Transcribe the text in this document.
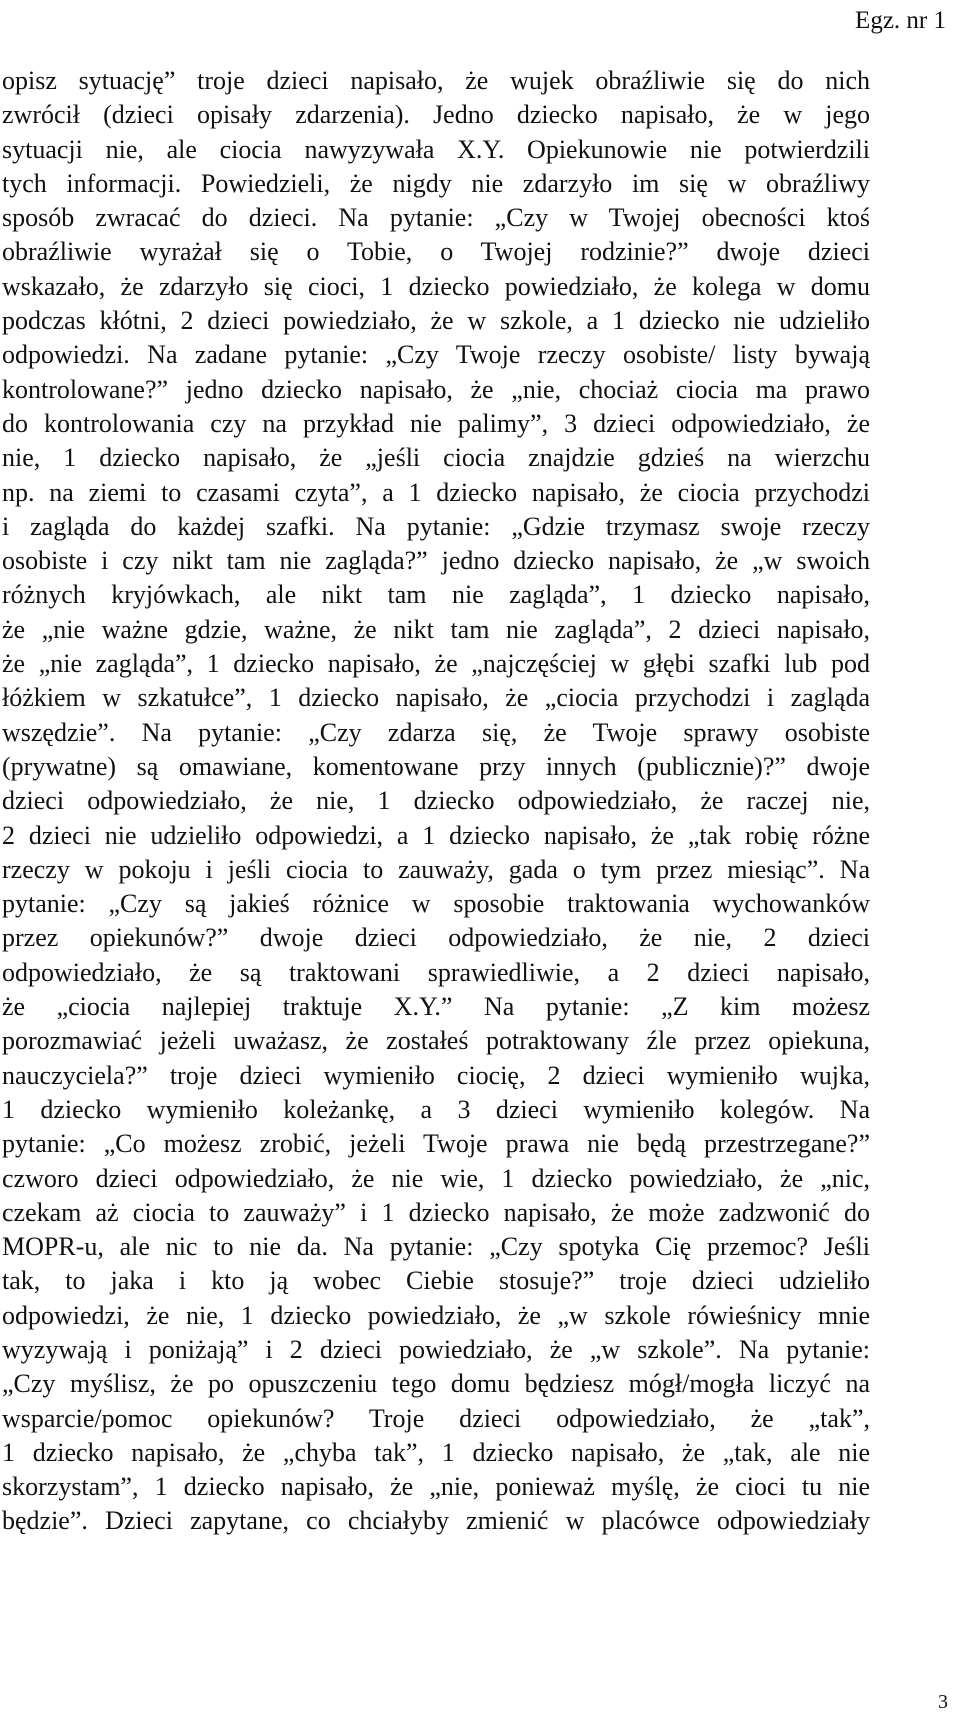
Egz. nr 1
opisz sytuację” troje dzieci napisało, że wujek obraźliwie się do nich
zwrócił (dzieci opisały zdarzenia). Jedno dziecko napisało, że w jego
sytuacji nie, ale ciocia nawyzywała X.Y. Opiekunowie nie potwierdzili
tych informacji. Powiedzieli, że nigdy nie zdarzyło im się w obraźliwy
sposób zwracać do dzieci. Na pytanie: „Czy w Twojej obecności ktoś
obraźliwie wyrażał się o Tobie, o Twojej rodzinie?” dwoje dzieci
wskazało, że zdarzyło się cioci, 1 dziecko powiedziało, że kolega w domu
podczas kłótni, 2 dzieci powiedziało, że w szkole, a 1 dziecko nie udzieliło
odpowiedzi. Na zadane pytanie: „Czy Twoje rzeczy osobiste/ listy bywają
kontrolowane?” jedno dziecko napisało, że „nie, chociaż ciocia ma prawo
do kontrolowania czy na przykład nie palimy”, 3 dzieci odpowiedziało, że
nie, 1 dziecko napisało, że „jeśli ciocia znajdzie gdzieś na wierzchu
np. na ziemi to czasami czyta”, a 1 dziecko napisało, że ciocia przychodzi
i zagląda do każdej szafki. Na pytanie: „Gdzie trzymasz swoje rzeczy
osobiste i czy nikt tam nie zagląda?” jedno dziecko napisało, że „w swoich
różnych kryjówkach, ale nikt tam nie zagląda”, 1 dziecko napisało,
że „nie ważne gdzie, ważne, że nikt tam nie zagląda”, 2 dzieci napisało,
że „nie zagląda”, 1 dziecko napisało, że „najczęściej w głębi szafki lub pod
łóżkiem w szkatułce”, 1 dziecko napisało, że „ciocia przychodzi i zagląda
wszędzie”. Na pytanie: „Czy zdarza się, że Twoje sprawy osobiste
(prywatne) są omawiane, komentowane przy innych (publicznie)?” dwoje
dzieci odpowiedziało, że nie, 1 dziecko odpowiedziało, że raczej nie,
2 dzieci nie udzieliło odpowiedzi, a 1 dziecko napisało, że „tak robię różne
rzeczy w pokoju i jeśli ciocia to zauważy, gada o tym przez miesiąc”. Na
pytanie: „Czy są jakieś różnice w sposobie traktowania wychowanków
przez opiekunów?” dwoje dzieci odpowiedziało, że nie, 2 dzieci
odpowiedziało, że są traktowani sprawiedliwie, a 2 dzieci napisało,
że „ciocia najlepiej traktuje X.Y.” Na pytanie: „Z kim możesz
porozmawiać jeżeli uważasz, że zostałeś potraktowany źle przez opiekuna,
nauczyciela?” troje dzieci wymieniło ciocię, 2 dzieci wymieniło wujka,
1 dziecko wymieniło koleżankę, a 3 dzieci wymieniło kolegów. Na
pytanie: „Co możesz zrobić, jeżeli Twoje prawa nie będą przestrzegane?”
czworo dzieci odpowiedziało, że nie wie, 1 dziecko powiedziało, że „nic,
czekam aż ciocia to zauważy” i 1 dziecko napisało, że może zadzwonić do
MOPR-u, ale nic to nie da. Na pytanie: „Czy spotyka Cię przemoc? Jeśli
tak, to jaka i kto ją wobec Ciebie stosuje?” troje dzieci udzieliło
odpowiedzi, że nie, 1 dziecko powiedziało, że „w szkole rówieśnicy mnie
wyzywają i poniżają” i 2 dzieci powiedziało, że „w szkole”. Na pytanie:
„Czy myślisz, że po opuszczeniu tego domu będziesz mógł/mogła liczyć na
wsparcie/pomoc opiekunów? Troje dzieci odpowiedziało, że „tak”,
1 dziecko napisało, że „chyba tak”, 1 dziecko napisało, że „tak, ale nie
skorzystam”, 1 dziecko napisało, że „nie, ponieważ myślę, że cioci tu nie
będzie”. Dzieci zapytane, co chciałyby zmienić w placówce odpowiedziały
3
